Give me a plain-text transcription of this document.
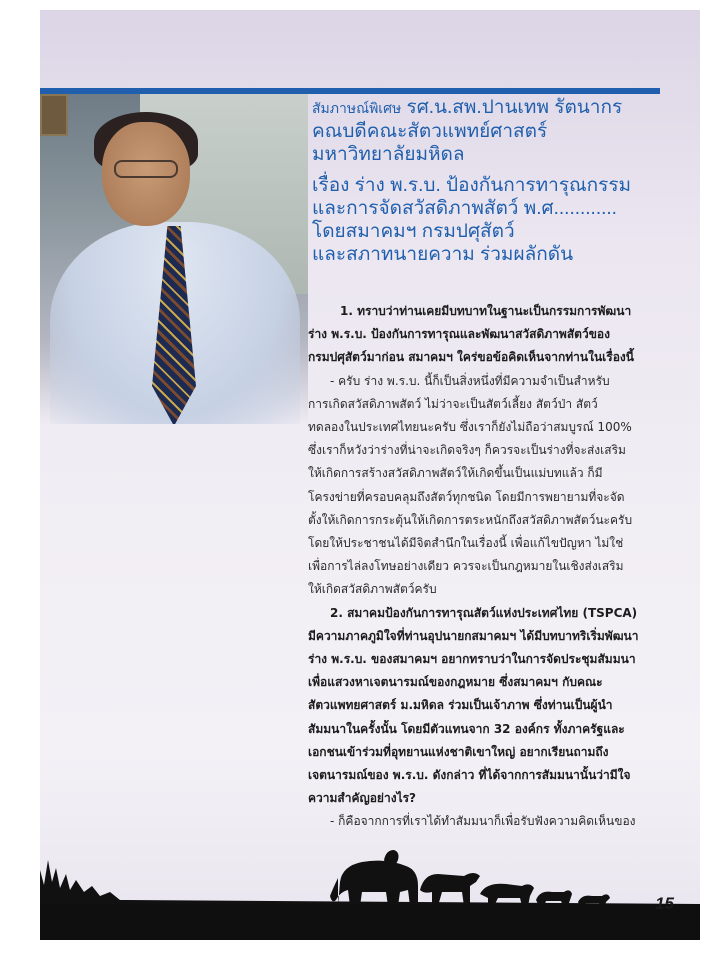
สัมภาษณ์พิเศษ รศ.น.สพ.ปานเทพ รัตนากร
คณบดีคณะสัตวแพทย์ศาสตร์
มหาวิทยาลัยมหิดล
เรื่อง ร่าง พ.ร.บ. ป้องกันการทารุณกรรม
และการจัดสวัสดิภาพสัตว์ พ.ศ............
โดยสมาคมฯ กรมปศุสัตว์
และสภาทนายความ ร่วมผลักดัน
1. ทราบว่าท่านเคยมีบทบาทในฐานะเป็นกรรมการพัฒนา
ร่าง พ.ร.บ. ป้องกันการทารุณและพัฒนาสวัสดิภาพสัตว์ของ
กรมปศุสัตว์มาก่อน สมาคมฯ ใคร่ขอข้อคิดเห็นจากท่านในเรื่องนี้
- ครับ ร่าง พ.ร.บ. นี้ก็เป็นสิ่งหนึ่งที่มีความจำเป็นสำหรับ
การเกิดสวัสดิภาพสัตว์ ไม่ว่าจะเป็นสัตว์เลี้ยง สัตว์ป่า สัตว์
ทดลองในประเทศไทยนะครับ ซึ่งเราก็ยังไม่ถือว่าสมบูรณ์ 100%
ซึ่งเราก็หวังว่าร่างที่น่าจะเกิดจริงๆ ก็ควรจะเป็นร่างที่จะส่งเสริม
ให้เกิดการสร้างสวัสดิภาพสัตว์ให้เกิดขึ้นเป็นแม่บทแล้ว ก็มี
โครงข่ายที่ครอบคลุมถึงสัตว์ทุกชนิด โดยมีการพยายามที่จะจัด
ตั้งให้เกิดการกระตุ้นให้เกิดการตระหนักถึงสวัสดิภาพสัตว์นะครับ
โดยให้ประชาชนได้มีจิตสำนึกในเรื่องนี้ เพื่อแก้ไขปัญหา ไม่ใช่
เพื่อการไล่ลงโทษอย่างเดียว ควรจะเป็นกฎหมายในเชิงส่งเสริม
ให้เกิดสวัสดิภาพสัตว์ครับ
2. สมาคมป้องกันการทารุณสัตว์แห่งประเทศไทย (TSPCA)
มีความภาคภูมิใจที่ท่านอุปนายกสมาคมฯ ได้มีบทบาทริเริ่มพัฒนา
ร่าง พ.ร.บ. ของสมาคมฯ อยากทราบว่าในการจัดประชุมสัมมนา
เพื่อแสวงหาเจตนารมณ์ของกฎหมาย ซึ่งสมาคมฯ กับคณะ
สัตวแพทยศาสตร์ ม.มหิดล ร่วมเป็นเจ้าภาพ ซึ่งท่านเป็นผู้นำ
สัมมนาในครั้งนั้น โดยมีตัวแทนจาก 32 องค์กร ทั้งภาครัฐและ
เอกชนเข้าร่วมที่อุทยานแห่งชาติเขาใหญ่ อยากเรียนถามถึง
เจตนารมณ์ของ พ.ร.บ. ดังกล่าว ที่ได้จากการสัมมนานั้นว่ามีใจ
ความสำคัญอย่างไร?
- ก็คือจากการที่เราได้ทำสัมมนาก็เพื่อรับฟังความคิดเห็นของ
15
